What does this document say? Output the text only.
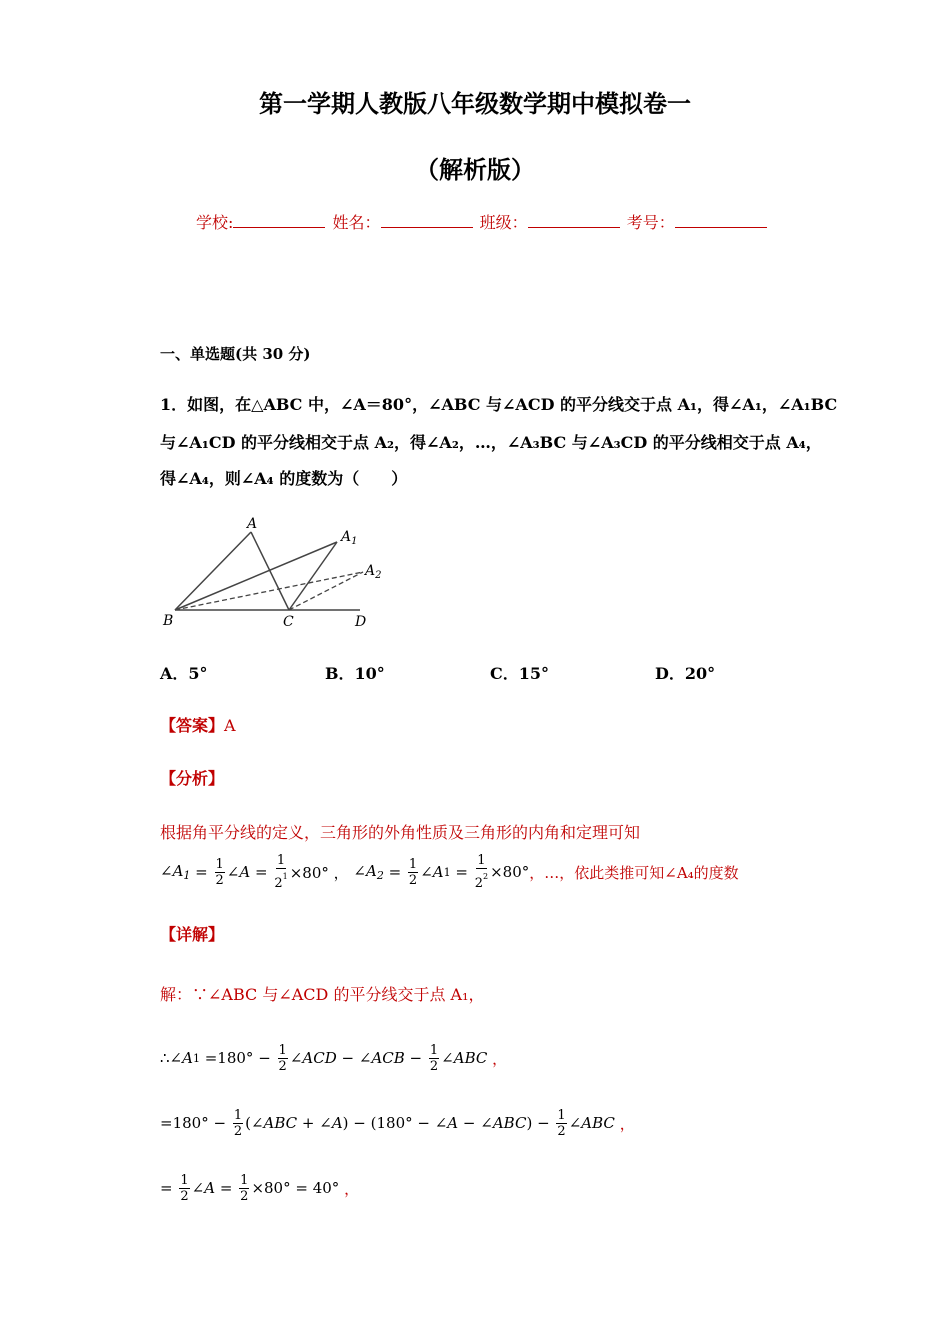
第一学期人教版八年级数学期中模拟卷一
（解析版）
学校:	姓名：	班级：	考号：
一、单选题(共 30 分)
1．如图，在△ABC 中，∠A＝80°，∠ABC 与∠ACD 的平分线交于点 A₁，得∠A₁，∠A₁BC
与∠A₁CD 的平分线相交于点 A₂，得∠A₂，…，∠A₃BC 与∠A₃CD 的平分线相交于点 A₄，
得∠A₄，则∠A₄ 的度数为（　　）
A
$A_1$
$A_2$
B	C	D
A．5°	B．10°	C．15°	D．20°
【答案】A
【分析】
根据角平分线的定义，三角形的外角性质及三角形的内角和定理可知
$\angle A_1 = \frac{1}{2}$ ∠ $A = \frac{1}{2^1} \times 80^\circ$ ， $\angle A_2 = \frac{1}{2}$ ∠ A $1 = \frac{1}{2^2} \times 80^\circ$ ，…，依此类推可知∠A₄的度数
【详解】
解：∵∠ABC 与∠ACD 的平分线交于点 A₁，
∴∠ A $1 =180^\circ - \frac{1}{2}$ ∠ ACD − ∠ ACB − $\frac{1}{2}$ ∠ ABC
，
$=180^\circ - \frac{1}{2}$ (∠ ABC + ∠ A ) − (180° − ∠ A − ∠ ABC ) − $\frac{1}{2}$ ∠ ABC
，
= $\frac{1}{2}$ ∠ $A = \frac{1}{2} \times 80^\circ = 40^\circ$ ，
